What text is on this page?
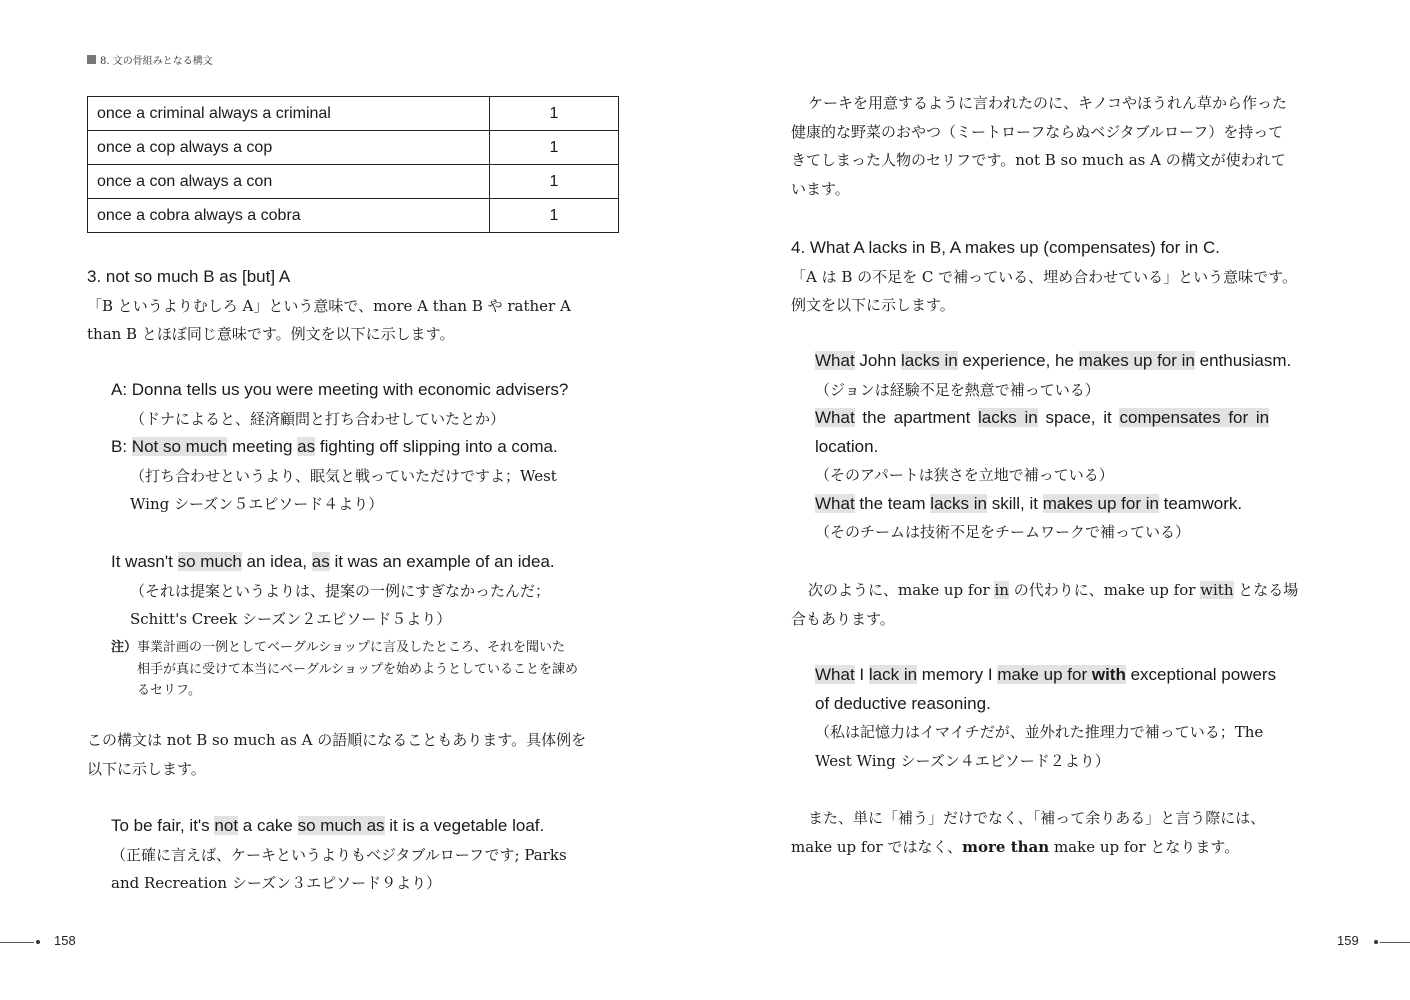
8. 文の骨組みとなる構文
once a criminal always a criminal	1
once a cop always a cop	1
once a con always a con	1
once a cobra always a cobra	1
3. not so much B as [but] A
「B というよりむしろ A」という意味で、more A than B や rather A
than B とほぼ同じ意味です。例文を以下に示します。
A: Donna tells us you were meeting with economic advisers?
（ドナによると、経済顧問と打ち合わせしていたとか）
B: Not so much meeting as fighting off slipping into a coma.
（打ち合わせというより、眠気と戦っていただけですよ；West
Wing シーズン５エピソード４より）
It wasn't so much an idea, as it was an example of an idea.
（それは提案というよりは、提案の一例にすぎなかったんだ；
Schitt's Creek シーズン２エピソード５より）
注）事業計画の一例としてベーグルショップに言及したところ、それを聞いた
相手が真に受けて本当にベーグルショップを始めようとしていることを諌め
るセリフ。
この構文は not B so much as A の語順になることもあります。具体例を
以下に示します。
To be fair, it's not a cake so much as it is a vegetable loaf.
（正確に言えば、ケーキというよりもベジタブルローフです; Parks
and Recreation シーズン３エピソード９より）
158
ケーキを用意するように言われたのに、キノコやほうれん草から作った
健康的な野菜のおやつ（ミートローフならぬベジタブルローフ）を持って
きてしまった人物のセリフです。not B so much as A の構文が使われて
います。
4. What A lacks in B, A makes up (compensates) for in C.
「A は B の不足を C で補っている、埋め合わせている」という意味です。
例文を以下に示します。
What John lacks in experience, he makes up for in enthusiasm.
（ジョンは経験不足を熱意で補っている）
What the apartment lacks in space, it compensates for in
location.
（そのアパートは狭さを立地で補っている）
What the team lacks in skill, it makes up for in teamwork.
（そのチームは技術不足をチームワークで補っている）
次のように、make up for in の代わりに、make up for with となる場
合もあります。
What I lack in memory I make up for with exceptional powers
of deductive reasoning.
（私は記憶力はイマイチだが、並外れた推理力で補っている；The
West Wing シーズン４エピソード２より）
また、単に「補う」だけでなく、「補って余りある」と言う際には、
make up for ではなく、more than make up for となります。
159
